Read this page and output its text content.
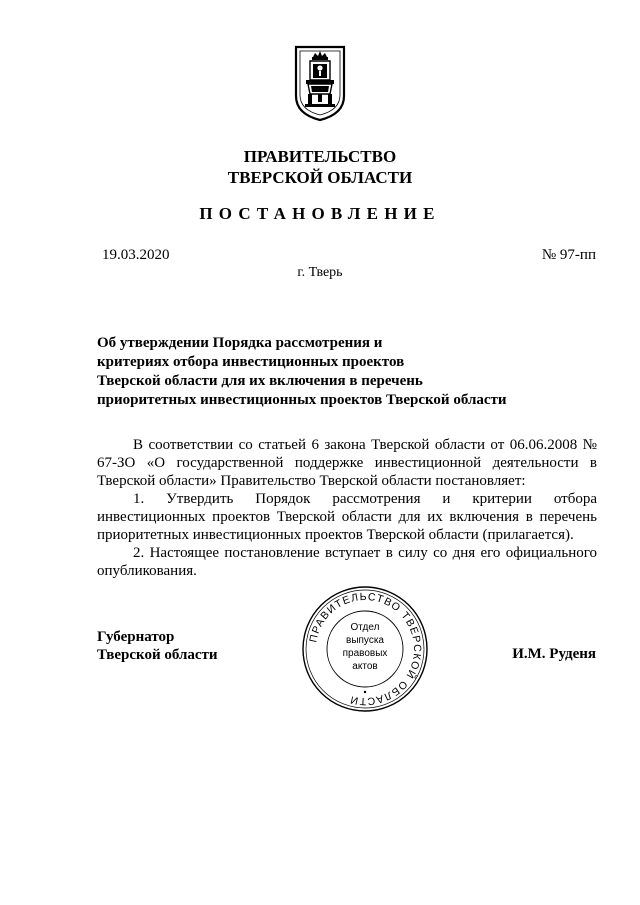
ПРАВИТЕЛЬСТВО
ТВЕРСКОЙ ОБЛАСТИ
ПОСТАНОВЛЕНИЕ
19.03.2020	№ 97-пп
г. Тверь
Об утверждении Порядка рассмотрения и
критериях отбора инвестиционных проектов
Тверской области для их включения в перечень
приоритетных инвестиционных проектов Тверской области

В соответствии со статьей 6 закона Тверской области от 06.06.2008 № 67-ЗО «О государственной поддержке инвестиционной деятельности в Тверской области» Правительство Тверской области постановляет:

1. Утвердить Порядок рассмотрения и критерии отбора инвестиционных проектов Тверской области для их включения в перечень приоритетных инвестиционных проектов Тверской области (прилагается).

2. Настоящее постановление вступает в силу со дня его официального опубликования.

Губернатор
Тверской области	И.М. Руденя
ПРАВИТЕЛЬСТВО ТВЕРСКОЙ ОБЛАСТИ
Отдел
выпуска
правовых
актов
